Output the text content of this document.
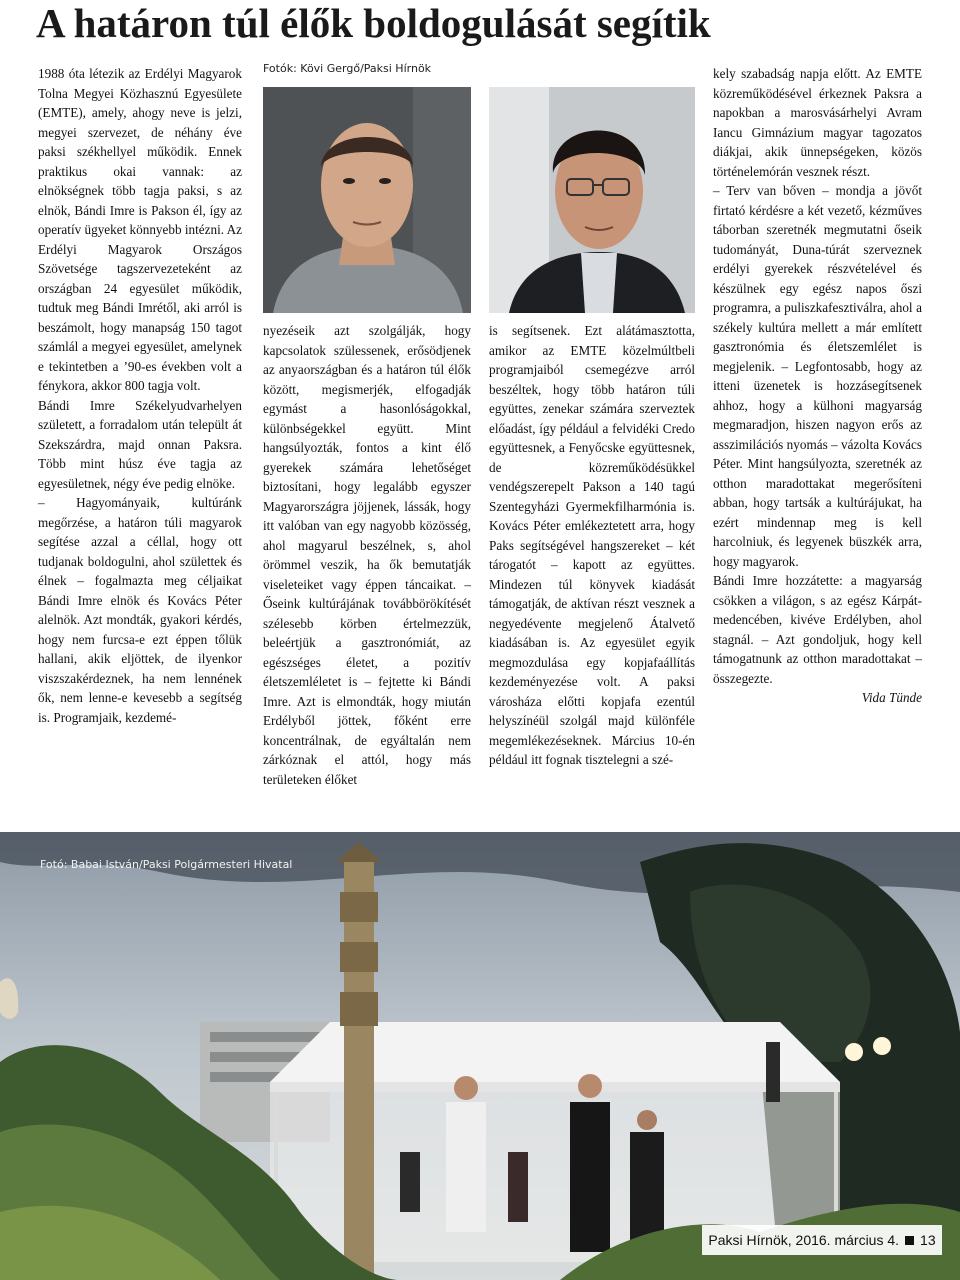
A határon túl élők boldogulását segítik

1988 óta létezik az Erdélyi Magyarok Tolna Megyei Közhasznú Egyesülete (EMTE), amely, ahogy neve is jelzi, megyei szervezet, de néhány éve paksi székhellyel működik. Ennek praktikus okai vannak: az elnökségnek több tagja paksi, s az elnök, Bándi Imre is Pakson él, így az operatív ügyeket könnyebb intézni. Az Erdélyi Magyarok Országos Szövetsége tagszervezeteként az országban 24 egyesület működik, tudtuk meg Bándi Imrétől, aki arról is beszámolt, hogy manapság 150 tagot számlál a megyei egyesület, amelynek e tekintetben a ’90-es években volt a fénykora, akkor 800 tagja volt.

Bándi Imre Székelyudvarhelyen született, a forradalom után települt át Szekszárdra, majd onnan Paksra. Több mint húsz éve tagja az egyesületnek, négy éve pedig elnöke.

– Hagyományaik, kultúránk megőrzése, a határon túli magyarok segítése azzal a céllal, hogy ott tudjanak boldogulni, ahol születtek és élnek – fogalmazta meg céljaikat Bándi Imre elnök és Kovács Péter alelnök. Azt mondták, gyakori kérdés, hogy nem furcsa-e ezt éppen tőlük hallani, akik eljöttek, de ilyenkor viszszakérdeznek, ha nem lennének ők, nem lenne-e kevesebb a segítség is. Programjaik, kezdemé-

Fotók: Kövi Gergő/Paksi Hírnök

nyezéseik azt szolgálják, hogy kapcsolatok szülessenek, erősödjenek az anyaországban és a határon túl élők között, megismerjék, elfogadják egymást a hasonlóságokkal, különbségekkel együtt. Mint hangsúlyozták, fontos a kint élő gyerekek számára lehetőséget biztosítani, hogy legalább egyszer Magyarországra jöjjenek, lássák, hogy itt valóban van egy nagyobb közösség, ahol magyarul beszélnek, s, ahol örömmel veszik, ha ők bemutatják viseleteiket vagy éppen táncaikat. – Őseink kultúrájának továbbörökítését szélesebb körben értelmezzük, beleértjük a gasztronómiát, az egészséges életet, a pozitív életszemléletet is – fejtette ki Bándi Imre. Azt is elmondták, hogy miután Erdélyből jöttek, főként erre koncentrálnak, de egyáltalán nem zárkóznak el attól, hogy más területeken élőket

is segítsenek. Ezt alátámasztotta, amikor az EMTE közelmúltbeli programjaiból csemegézve arról beszéltek, hogy több határon túli együttes, zenekar számára szerveztek előadást, így például a felvidéki Credo együttesnek, a Fenyőcske együttesnek, de közreműködésükkel vendégszerepelt Pakson a 140 tagú Szentegyházi Gyermekfilharmónia is. Kovács Péter emlékeztetett arra, hogy Paks segítségével hangszereket – két tárogatót – kapott az együttes. Mindezen túl könyvek kiadását támogatják, de aktívan részt vesznek a negyedévente megjelenő Átalvető kiadásában is. Az egyesület egyik megmozdulása egy kopjafaállítás kezdeményezése volt. A paksi városháza előtti kopjafa ezentúl helyszínéül szolgál majd különféle megemlékezéseknek. Március 10-én például itt fognak tisztelegni a szé-

kely szabadság napja előtt. Az EMTE közreműködésével érkeznek Paksra a napokban a marosvásárhelyi Avram Iancu Gimnázium magyar tagozatos diákjai, akik ünnepségeken, közös történelemórán vesznek részt.

– Terv van bőven – mondja a jövőt firtató kérdésre a két vezető, kézműves táborban szeretnék megmutatni őseik tudományát, Duna-túrát szerveznek erdélyi gyerekek részvételével és készülnek egy egész napos őszi programra, a puliszkafesztiválra, ahol a székely kultúra mellett a már említett gasztronómia és életszemlélet is megjelenik. – Legfontosabb, hogy az itteni üzenetek is hozzásegítsenek ahhoz, hogy a külhoni magyarság megmaradjon, hiszen nagyon erős az asszimilációs nyomás – vázolta Kovács Péter. Mint hangsúlyozta, szeretnék az otthon maradottakat megerősíteni abban, hogy tartsák a kultúrájukat, ha ezért mindennap meg is kell harcolniuk, és legyenek büszkék arra, hogy magyarok.

Bándi Imre hozzátette: a magyarság csökken a világon, s az egész Kárpát-medencében, kivéve Erdélyben, ahol stagnál. – Azt gondoljuk, hogy kell támogatnunk az otthon maradottakat – összegezte.

Vida Tünde

Fotó: Babai István/Paksi Polgármesteri Hivatal
Paksi Hírnök, 2016. március 4. 13
